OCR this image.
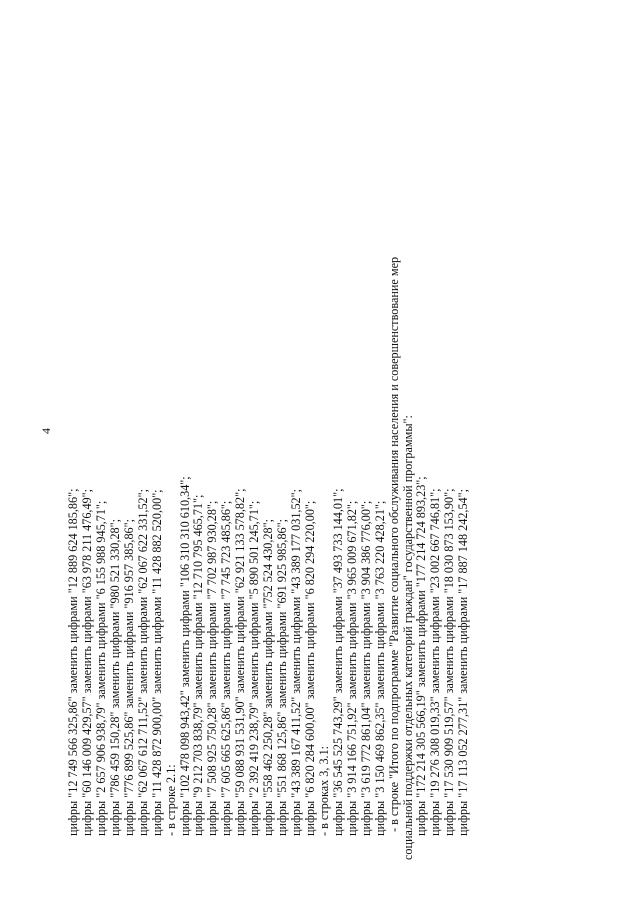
4
цифры "12 749 566 325,86" заменить цифрами "12 889 624 185,86"; цифры "60 146 009 429,57" заменить цифрами "63 978 211 476,49"; цифры "2 657 906 938,79" заменить цифрами "6 155 988 945,71"; цифры "786 459 150,28" заменить цифрами "980 521 330,28"; цифры "776 899 525,86" заменить цифрами "916 957 385,86"; цифры "62 067 612 711,52" заменить цифрами "62 067 622 331,52"; цифры "11 428 872 900,00" заменить цифрами "11 428 882 520,00"; - в строке 2.1: цифры "102 478 098 943,42" заменить цифрами "106 310 310 610,34"; цифры "9 212 703 838,79" заменить цифрами "12 710 795 465,71"; цифры "7 508 925 750,28" заменить цифрами "7 702 987 930,28"; цифры "7 605 665 625,86" заменить цифрами "7 745 723 485,86"; цифры "59 088 931 531,90" заменить цифрами "62 921 133 578,82"; цифры "2 392 419 238,79" заменить цифрами "5 890 501 245,71"; цифры "558 462 250,28" заменить цифрами "752 524 430,28"; цифры "551 868 125,86" заменить цифрами "691 925 985,86"; цифры "43 389 167 411,52" заменить цифрами "43 389 177 031,52"; цифры "6 820 284 600,00" заменить цифрами "6 820 294 220,00"; - в строках 3, 3.1: цифры "36 545 525 743,29" заменить цифрами "37 493 733 144,01"; цифры "3 914 166 751,92" заменить цифрами "3 965 009 671,82"; цифры "3 619 772 861,04" заменить цифрами "3 904 386 776,00"; цифры "3 150 469 862,35" заменить цифрами "3 763 220 428,21"; - в строке "Итого по подпрограмме "Развитие социального обслуживания населения и совершенствование мер социальной поддержки отдельных категорий граждан" государственной программы": цифры "172 214 305 566,19" заменить цифрами "177 214 724 893,23"; цифры "19 276 308 019,33" заменить цифрами "23 002 667 746,81"; цифры "17 530 909 519,57" заменить цифрами "18 030 873 153,90"; цифры "17 113 052 277,31" заменить цифрами "17 887 148 242,54";
